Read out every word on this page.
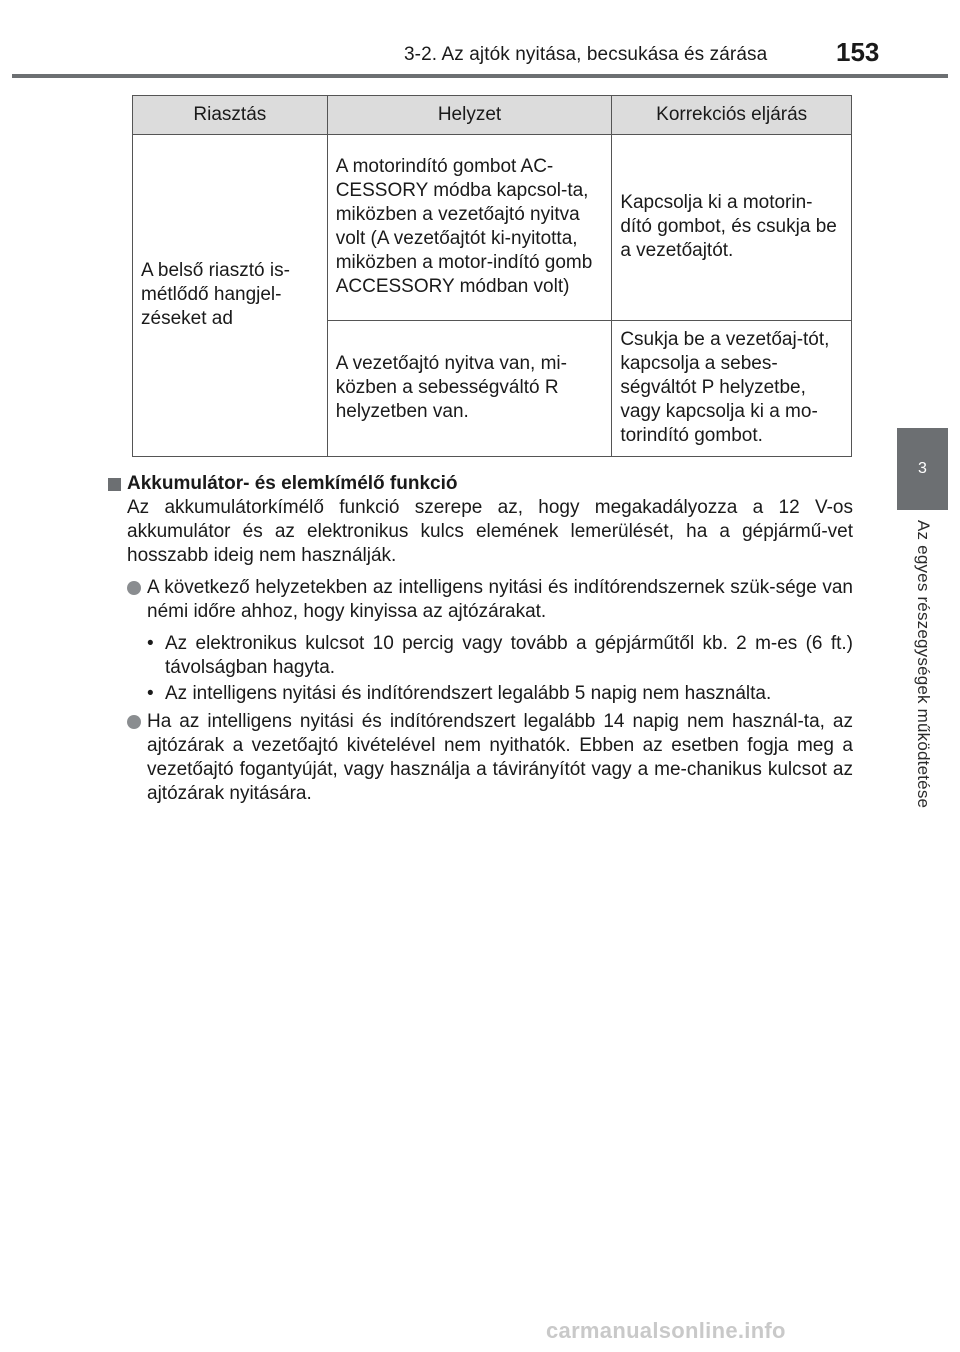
3-2. Az ajtók nyitása, becsukása és zárása	153
3
Az egyes részegységek működtetése
Riasztás	Helyzet	Korrekciós eljárás
A belső riasztó is-métlődő hangjel-zéseket ad	A motorindító gombot AC-CESSORY módba kapcsol-ta, miközben a vezetőajtó nyitva volt (A vezetőajtót ki-nyitotta, miközben a motor-indító gomb ACCESSORY módban volt)	Kapcsolja ki a motorin-dító gombot, és csukja be a vezetőajtót.
	A vezetőajtó nyitva van, mi-közben a sebességváltó R helyzetben van.	Csukja be a vezetőaj-tót, kapcsolja a sebes-ségváltót P helyzetbe, vagy kapcsolja ki a mo-torindító gombot.
Akkumulátor- és elemkímélő funkció
Az akkumulátorkímélő funkció szerepe az, hogy megakadályozza a 12 V-os akkumulátor és az elektronikus kulcs elemének lemerülését, ha a gépjármű-vet hosszabb ideig nem használják.
A következő helyzetekben az intelligens nyitási és indítórendszernek szük-sége van némi időre ahhoz, hogy kinyissa az ajtózárakat.
• Az elektronikus kulcsot 10 percig vagy tovább a gépjárműtől kb. 2 m-es (6 ft.) távolságban hagyta.
• Az intelligens nyitási és indítórendszert legalább 5 napig nem használta.
Ha az intelligens nyitási és indítórendszert legalább 14 napig nem használ-ta, az ajtózárak a vezetőajtó kivételével nem nyithatók. Ebben az esetben fogja meg a vezetőajtó fogantyúját, vagy használja a távirányítót vagy a me-chanikus kulcsot az ajtózárak nyitására.
carmanualsonline.info
